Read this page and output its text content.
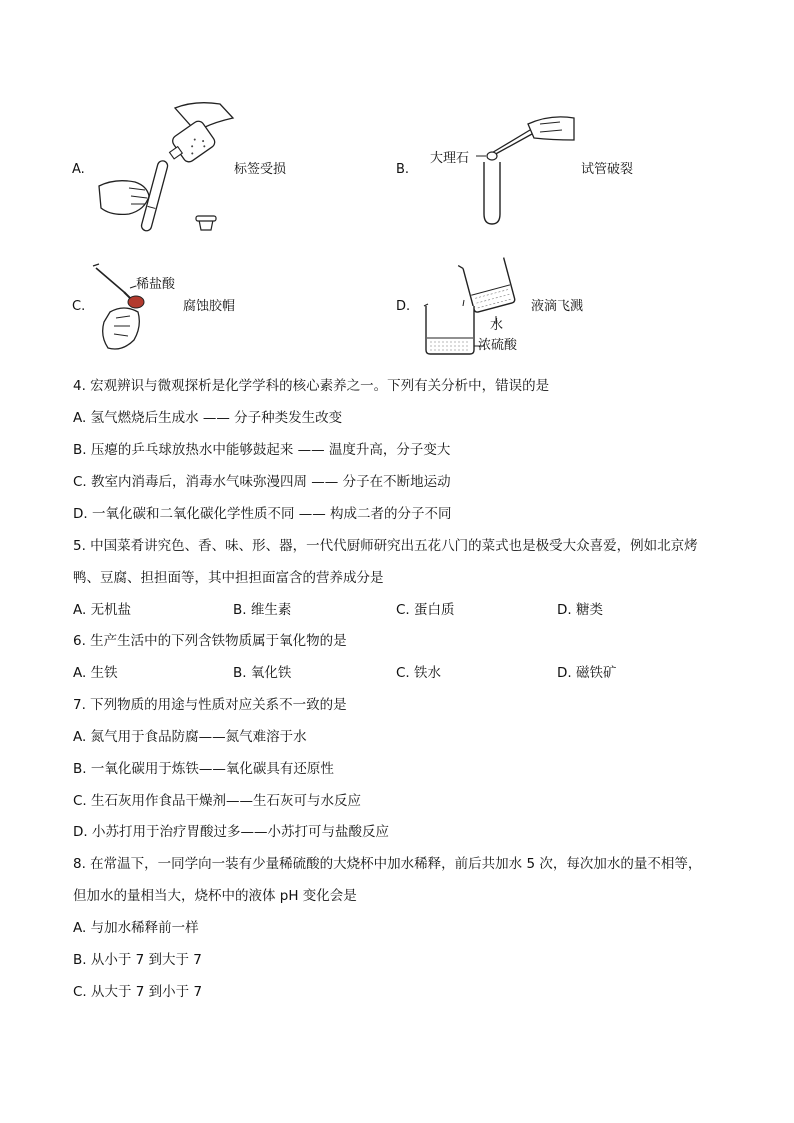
A.	标签受损	B.
大理石
试管破裂
C.
稀盐酸
腐蚀胶帽	D.
水
浓硫酸
液滴飞溅
4. 宏观辨识与微观探析是化学学科的核心素养之一。下列有关分析中，错误的是
A. 氢气燃烧后生成水 —— 分子种类发生改变
B. 压瘪的乒乓球放热水中能够鼓起来 —— 温度升高，分子变大
C. 教室内消毒后，消毒水气味弥漫四周 —— 分子在不断地运动
D. 一氧化碳和二氧化碳化学性质不同 —— 构成二者的分子不同
5. 中国菜肴讲究色、香、味、形、器，一代代厨师研究出五花八门的菜式也是极受大众喜爱，例如北京烤
鸭、豆腐、担担面等，其中担担面富含的营养成分是
A. 无机盐	B. 维生素	C. 蛋白质	D. 糖类
6. 生产生活中的下列含铁物质属于氧化物的是
A. 生铁	B. 氧化铁	C. 铁水	D. 磁铁矿
7. 下列物质的用途与性质对应关系不一致的是
A. 氮气用于食品防腐——氮气难溶于水
B. 一氧化碳用于炼铁——氧化碳具有还原性
C. 生石灰用作食品干燥剂——生石灰可与水反应
D. 小苏打用于治疗胃酸过多——小苏打可与盐酸反应
8. 在常温下，一同学向一装有少量稀硫酸的大烧杯中加水稀释，前后共加水 5 次，每次加水的量不相等，
但加水的量相当大，烧杯中的液体 pH 变化会是
A. 与加水稀释前一样
B. 从小于 7 到大于 7
C. 从大于 7 到小于 7
